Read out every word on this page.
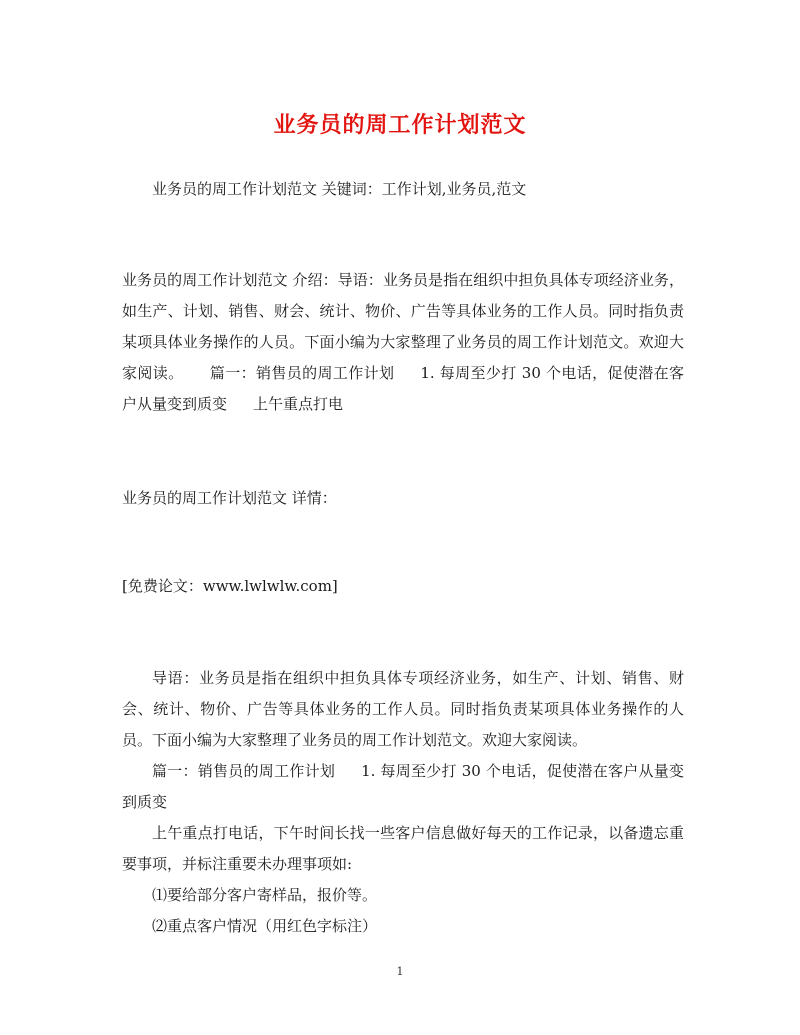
业务员的周工作计划范文
业务员的周工作计划范文 关键词：工作计划,业务员,范文

业务员的周工作计划范文 介绍：导语：业务员是指在组织中担负具体专项经济业务，如生产、计划、销售、财会、统计、物价、广告等具体业务的工作人员。同时指负责某项具体业务操作的人员。下面小编为大家整理了业务员的周工作计划范文。欢迎大家阅读。 篇一：销售员的周工作计划 1. 每周至少打 30 个电话，促使潜在客户从量变到质变 上午重点打电

业务员的周工作计划范文 详情：
[免费论文：www.lwlwlw.com]

导语：业务员是指在组织中担负具体专项经济业务，如生产、计划、销售、财会、统计、物价、广告等具体业务的工作人员。同时指负责某项具体业务操作的人员。下面小编为大家整理了业务员的周工作计划范文。欢迎大家阅读。

篇一：销售员的周工作计划 1. 每周至少打 30 个电话，促使潜在客户从量变到质变

上午重点打电话，下午时间长找一些客户信息做好每天的工作记录，以备遗忘重要事项，并标注重要未办理事项如:

⑴要给部分客户寄样品，报价等。

⑵重点客户情况（用红色字标注）

1
